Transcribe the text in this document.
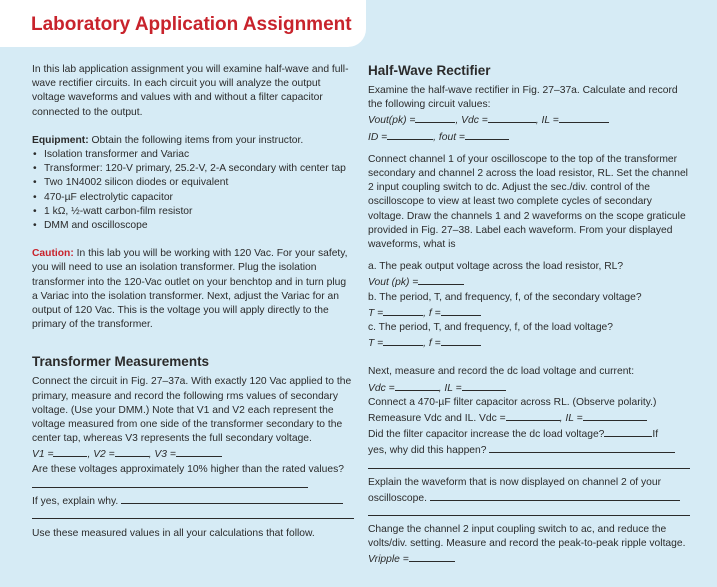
Laboratory Application Assignment

In this lab application assignment you will examine half-wave and full-wave rectifier circuits. In each circuit you will analyze the output voltage waveforms and values with and without a filter capacitor connected to the output.

Equipment: Obtain the following items from your instructor.

• Isolation transformer and Variac
• Transformer: 120-V primary, 25.2-V, 2-A secondary with center tap
• Two 1N4002 silicon diodes or equivalent
• 470-µF electrolytic capacitor
• 1 kΩ, ½-watt carbon-film resistor
• DMM and oscilloscope

Caution: In this lab you will be working with 120 Vac. For your safety, you will need to use an isolation transformer. Plug the isolation transformer into the 120-Vac outlet on your benchtop and in turn plug a Variac into the isolation transformer. Next, adjust the Variac for an output of 120 Vac. This is the voltage you will apply directly to the primary of the transformer.

Transformer Measurements

Connect the circuit in Fig. 27–37a. With exactly 120 Vac applied to the primary, measure and record the following rms values of secondary voltage. (Use your DMM.) Note that V1 and V2 each represent the voltage measured from one side of the transformer secondary to the center tap, whereas V3 represents the full secondary voltage.

V1 =	, V2 =	, V3 =

Are these voltages approximately 10% higher than the rated values?

If yes, explain why.

Use these measured values in all your calculations that follow.

Half-Wave Rectifier

Examine the half-wave rectifier in Fig. 27–37a. Calculate and record the following circuit values:

Vout(pk) =	, Vdc =	, IL =

ID =	, fout =

Connect channel 1 of your oscilloscope to the top of the transformer secondary and channel 2 across the load resistor, RL. Set the channel 2 input coupling switch to dc. Adjust the sec./div. control of the oscilloscope to view at least two complete cycles of secondary voltage. Draw the channels 1 and 2 waveforms on the scope graticule provided in Fig. 27–38. Label each waveform. From your displayed waveforms, what is

a. The peak output voltage across the load resistor, RL?

Vout (pk) =

b. The period, T, and frequency, f, of the secondary voltage?

T =	, f =

c. The period, T, and frequency, f, of the load voltage?

T =	, f =

Next, measure and record the dc load voltage and current:

Vdc =	, IL =

Connect a 470-µF filter capacitor across RL. (Observe polarity.)

Remeasure Vdc and IL. Vdc =	, IL =

Did the filter capacitor increase the dc load voltage?	If

yes, why did this happen?

Explain the waveform that is now displayed on channel 2 of your oscilloscope.

Change the channel 2 input coupling switch to ac, and reduce the volts/div. setting. Measure and record the peak-to-peak ripple voltage. Vripple =
